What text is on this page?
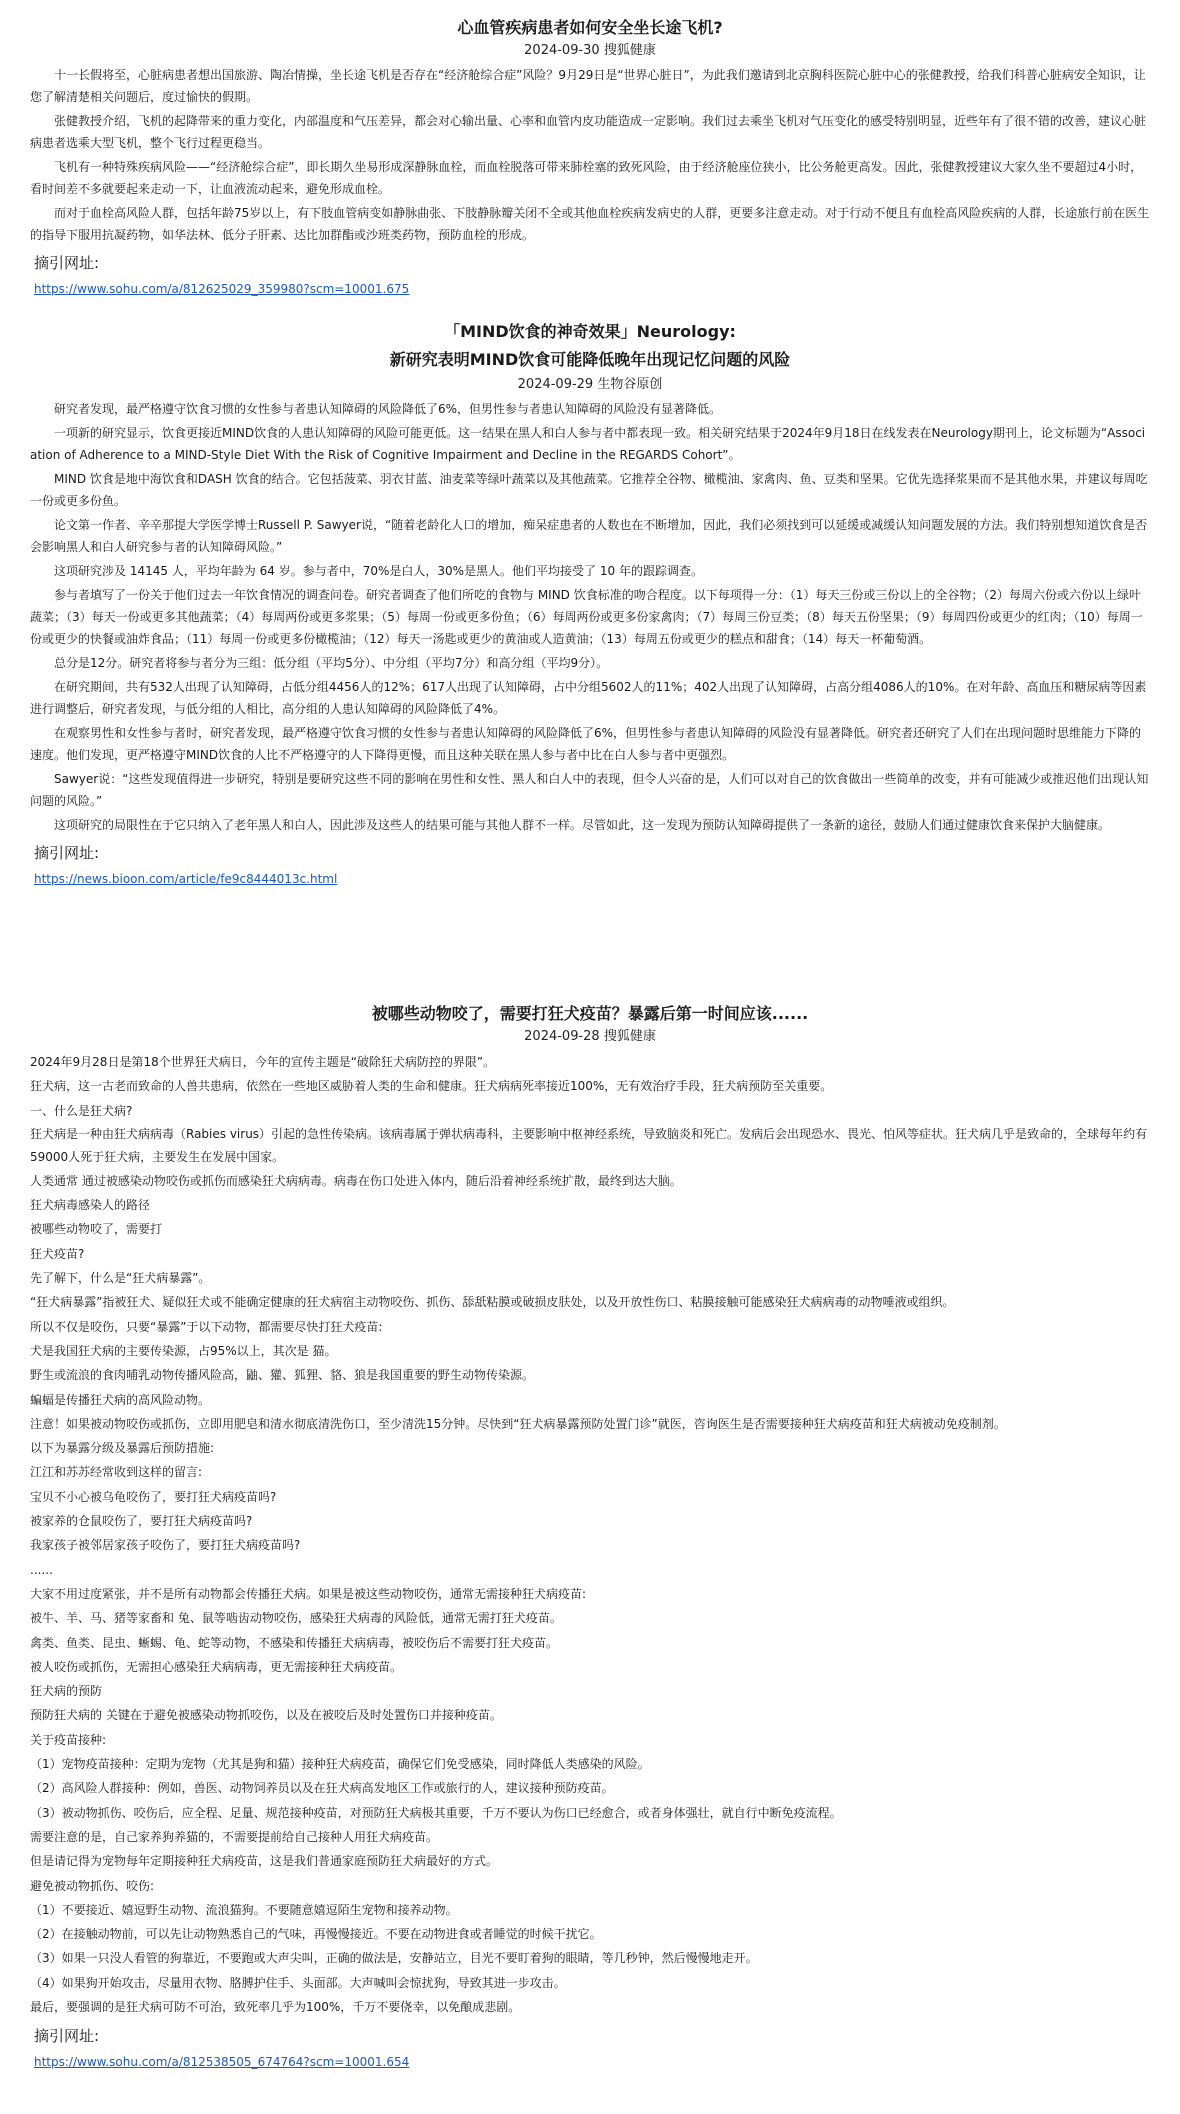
心血管疾病患者如何安全坐长途飞机?
2024-09-30 搜狐健康

十一长假将至，心脏病患者想出国旅游、陶冶情操，坐长途飞机是否存在“经济舱综合症”风险？9月29日是“世界心脏日”，为此我们邀请到北京胸科医院心脏中心的张健教授，给我们科普心脏病安全知识，让您了解清楚相关问题后，度过愉快的假期。

张健教授介绍，飞机的起降带来的重力变化，内部温度和气压差异，都会对心输出量、心率和血管内皮功能造成一定影响。我们过去乘坐飞机对气压变化的感受特别明显，近些年有了很不错的改善，建议心脏病患者选乘大型飞机，整个飞行过程更稳当。

飞机有一种特殊疾病风险——“经济舱综合症”，即长期久坐易形成深静脉血栓，而血栓脱落可带来肺栓塞的致死风险，由于经济舱座位狭小，比公务舱更高发。因此，张健教授建议大家久坐不要超过4小时，看时间差不多就要起来走动一下，让血液流动起来，避免形成血栓。

而对于血栓高风险人群，包括年龄75岁以上，有下肢血管病变如静脉曲张、下肢静脉瓣关闭不全或其他血栓疾病发病史的人群，更要多注意走动。对于行动不便且有血栓高风险疾病的人群，长途旅行前在医生的指导下服用抗凝药物，如华法林、低分子肝素、达比加群酯或沙班类药物，预防血栓的形成。

摘引网址:
https://www.sohu.com/a/812625029_359980?scm=10001.675
「MIND饮食的神奇效果」Neurology:
新研究表明MIND饮食可能降低晚年出现记忆问题的风险
2024-09-29 生物谷原创

研究者发现，最严格遵守饮食习惯的女性参与者患认知障碍的风险降低了6%，但男性参与者患认知障碍的风险没有显著降低。

一项新的研究显示，饮食更接近MIND饮食的人患认知障碍的风险可能更低。这一结果在黑人和白人参与者中都表现一致。相关研究结果于2024年9月18日在线发表在Neurology期刊上，论文标题为“Association of Adherence to a MIND-Style Diet With the Risk of Cognitive Impairment and Decline in the REGARDS Cohort”。

MIND 饮食是地中海饮食和DASH 饮食的结合。它包括菠菜、羽衣甘蓝、油麦菜等绿叶蔬菜以及其他蔬菜。它推荐全谷物、橄榄油、家禽肉、鱼、豆类和坚果。它优先选择浆果而不是其他水果，并建议每周吃一份或更多份鱼。

论文第一作者、辛辛那提大学医学博士Russell P. Sawyer说，“随着老龄化人口的增加，痴呆症患者的人数也在不断增加，因此，我们必须找到可以延缓或减缓认知问题发展的方法。我们特别想知道饮食是否会影响黑人和白人研究参与者的认知障碍风险。”

这项研究涉及 14145 人，平均年龄为 64 岁。参与者中，70%是白人，30%是黑人。他们平均接受了 10 年的跟踪调查。

参与者填写了一份关于他们过去一年饮食情况的调查问卷。研究者调查了他们所吃的食物与 MIND 饮食标准的吻合程度。以下每项得一分：（1）每天三份或三份以上的全谷物；（2）每周六份或六份以上绿叶蔬菜；（3）每天一份或更多其他蔬菜；（4）每周两份或更多浆果；（5）每周一份或更多份鱼；（6）每周两份或更多份家禽肉；（7）每周三份豆类；（8）每天五份坚果；（9）每周四份或更少的红肉；（10）每周一份或更少的快餐或油炸食品；（11）每周一份或更多份橄榄油；（12）每天一汤匙或更少的黄油或人造黄油；（13）每周五份或更少的糕点和甜食；（14）每天一杯葡萄酒。

总分是12分。研究者将参与者分为三组：低分组（平均5分）、中分组（平均7分）和高分组（平均9分）。

在研究期间，共有532人出现了认知障碍，占低分组4456人的12%；617人出现了认知障碍，占中分组5602人的11%；402人出现了认知障碍，占高分组4086人的10%。在对年龄、高血压和糖尿病等因素进行调整后，研究者发现，与低分组的人相比，高分组的人患认知障碍的风险降低了4%。

在观察男性和女性参与者时，研究者发现，最严格遵守饮食习惯的女性参与者患认知障碍的风险降低了6%，但男性参与者患认知障碍的风险没有显著降低。研究者还研究了人们在出现问题时思维能力下降的速度。他们发现，更严格遵守MIND饮食的人比不严格遵守的人下降得更慢，而且这种关联在黑人参与者中比在白人参与者中更强烈。

Sawyer说：“这些发现值得进一步研究，特别是要研究这些不同的影响在男性和女性、黑人和白人中的表现，但令人兴奋的是，人们可以对自己的饮食做出一些简单的改变，并有可能减少或推迟他们出现认知问题的风险。”

这项研究的局限性在于它只纳入了老年黑人和白人，因此涉及这些人的结果可能与其他人群不一样。尽管如此，这一发现为预防认知障碍提供了一条新的途径，鼓励人们通过健康饮食来保护大脑健康。

摘引网址:
https://news.bioon.com/article/fe9c8444013c.html
被哪些动物咬了，需要打狂犬疫苗？暴露后第一时间应该......
2024-09-28 搜狐健康
2024年9月28日是第18个世界狂犬病日，今年的宣传主题是“破除狂犬病防控的界限”。
狂犬病，这一古老而致命的人兽共患病，依然在一些地区威胁着人类的生命和健康。狂犬病病死率接近100%，无有效治疗手段，狂犬病预防至关重要。
一、什么是狂犬病?
狂犬病是一种由狂犬病病毒（Rabies virus）引起的急性传染病。该病毒属于弹状病毒科，主要影响中枢神经系统，导致脑炎和死亡。发病后会出现恐水、畏光、怕风等症状。狂犬病几乎是致命的，全球每年约有59000人死于狂犬病，主要发生在发展中国家。
人类通常 通过被感染动物咬伤或抓伤而感染狂犬病病毒。病毒在伤口处进入体内，随后沿着神经系统扩散，最终到达大脑。
狂犬病毒感染人的路径
被哪些动物咬了，需要打
狂犬疫苗?
先了解下，什么是“狂犬病暴露”。
“狂犬病暴露”指被狂犬、疑似狂犬或不能确定健康的狂犬病宿主动物咬伤、抓伤、舔舐粘膜或破损皮肤处，以及开放性伤口、粘膜接触可能感染狂犬病病毒的动物唾液或组织。
所以不仅是咬伤，只要“暴露”于以下动物，都需要尽快打狂犬疫苗:
犬是我国狂犬病的主要传染源，占95%以上，其次是 猫。
野生或流浪的食肉哺乳动物传播风险高，鼬、獾、狐狸、貉、狼是我国重要的野生动物传染源。
蝙蝠是传播狂犬病的高风险动物。
注意！如果被动物咬伤或抓伤，立即用肥皂和清水彻底清洗伤口，至少清洗15分钟。尽快到“狂犬病暴露预防处置门诊”就医，咨询医生是否需要接种狂犬病疫苗和狂犬病被动免疫制剂。
以下为暴露分级及暴露后预防措施:
江江和苏苏经常收到这样的留言:
宝贝不小心被乌龟咬伤了，要打狂犬病疫苗吗?
被家养的仓鼠咬伤了，要打狂犬病疫苗吗?
我家孩子被邻居家孩子咬伤了，要打狂犬病疫苗吗?
......
大家不用过度紧张，并不是所有动物都会传播狂犬病。如果是被这些动物咬伤，通常无需接种狂犬病疫苗:
被牛、羊、马、猪等家畜和 兔、鼠等啮齿动物咬伤，感染狂犬病毒的风险低，通常无需打狂犬疫苗。
禽类、鱼类、昆虫、蜥蜴、龟、蛇等动物，不感染和传播狂犬病病毒，被咬伤后不需要打狂犬疫苗。
被人咬伤或抓伤，无需担心感染狂犬病病毒，更无需接种狂犬病疫苗。
狂犬病的预防
预防狂犬病的 关键在于避免被感染动物抓咬伤，以及在被咬后及时处置伤口并接种疫苗。
关于疫苗接种:
（1）宠物疫苗接种：定期为宠物（尤其是狗和猫）接种狂犬病疫苗，确保它们免受感染，同时降低人类感染的风险。
（2）高风险人群接种：例如，兽医、动物饲养员以及在狂犬病高发地区工作或旅行的人，建议接种预防疫苗。
（3）被动物抓伤、咬伤后，应全程、足量、规范接种疫苗，对预防狂犬病极其重要，千万不要认为伤口已经愈合，或者身体强壮，就自行中断免疫流程。
需要注意的是，自己家养狗养猫的，不需要提前给自己接种人用狂犬病疫苗。
但是请记得为宠物每年定期接种狂犬病疫苗，这是我们普通家庭预防狂犬病最好的方式。
避免被动物抓伤、咬伤:
（1）不要接近、嬉逗野生动物、流浪猫狗。不要随意嬉逗陌生宠物和接养动物。
（2）在接触动物前，可以先让动物熟悉自己的气味，再慢慢接近。不要在动物进食或者睡觉的时候干扰它。
（3）如果一只没人看管的狗靠近，不要跑或大声尖叫，正确的做法是，安静站立，目光不要盯着狗的眼睛，等几秒钟，然后慢慢地走开。
（4）如果狗开始攻击，尽量用衣物、胳膊护住手、头面部。大声喊叫会惊扰狗，导致其进一步攻击。
最后，要强调的是狂犬病可防不可治，致死率几乎为100%，千万不要侥幸，以免酿成悲剧。
摘引网址:
https://www.sohu.com/a/812538505_674764?scm=10001.654
